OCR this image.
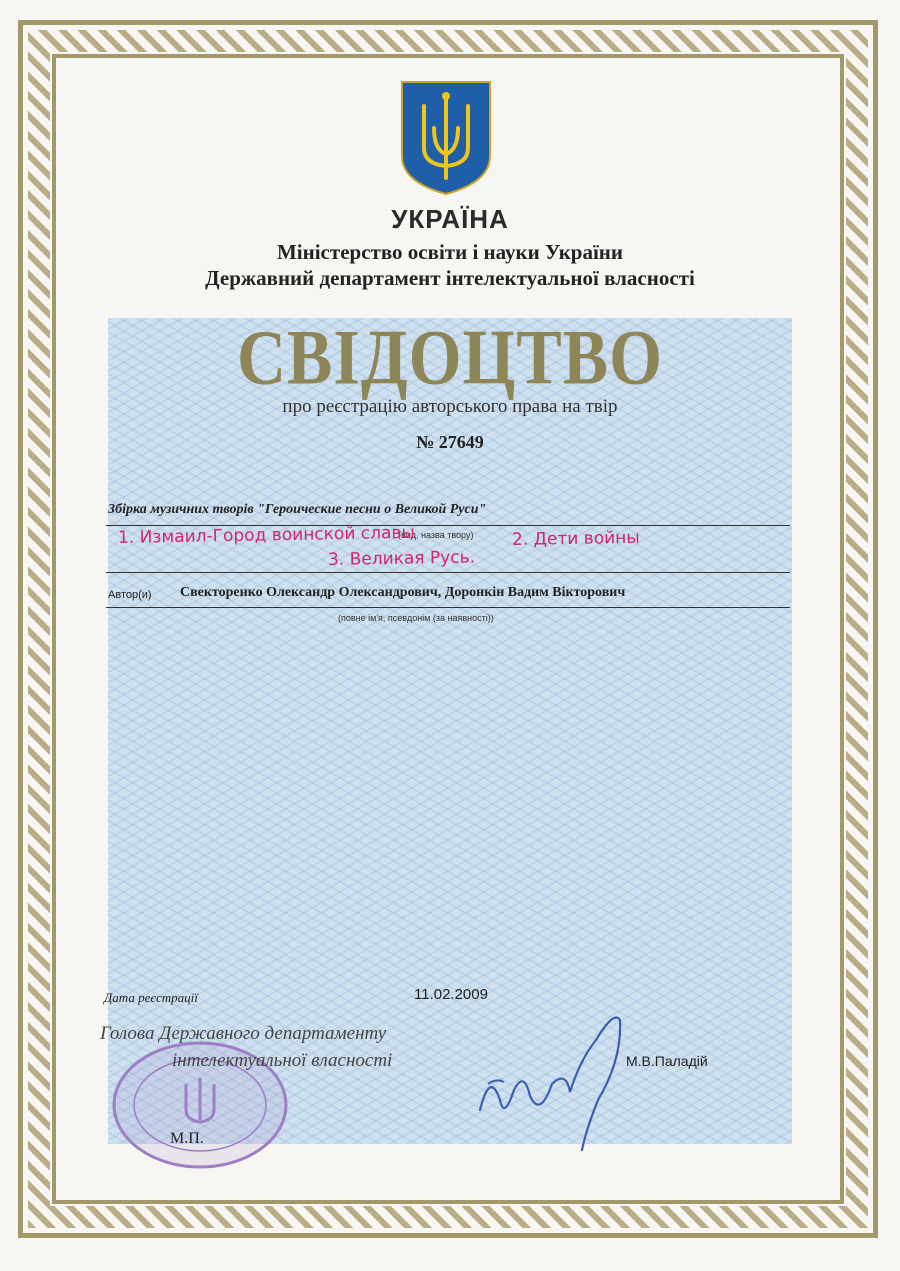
УКРАЇНА
Міністерство освіти і науки України
Державний департамент інтелектуальної власності
СВІДОЦТВО
про реєстрацію авторського права на твір
№ 27649
Збірка музичних творів "Героические песни о Великой Руси"
(вид, назва твору)
1. Измаил-Город воинской славы	2. Дети войны
3. Великая Русь.
Автор(и) Свекторенко Олександр Олександрович, Доронкін Вадим Вікторович
(повне ім'я, псевдонім (за наявності))
Дата реєстрації	11.02.2009
Голова Державного департаменту
інтелектуальної власності	М.В.Паладій
М.П.
